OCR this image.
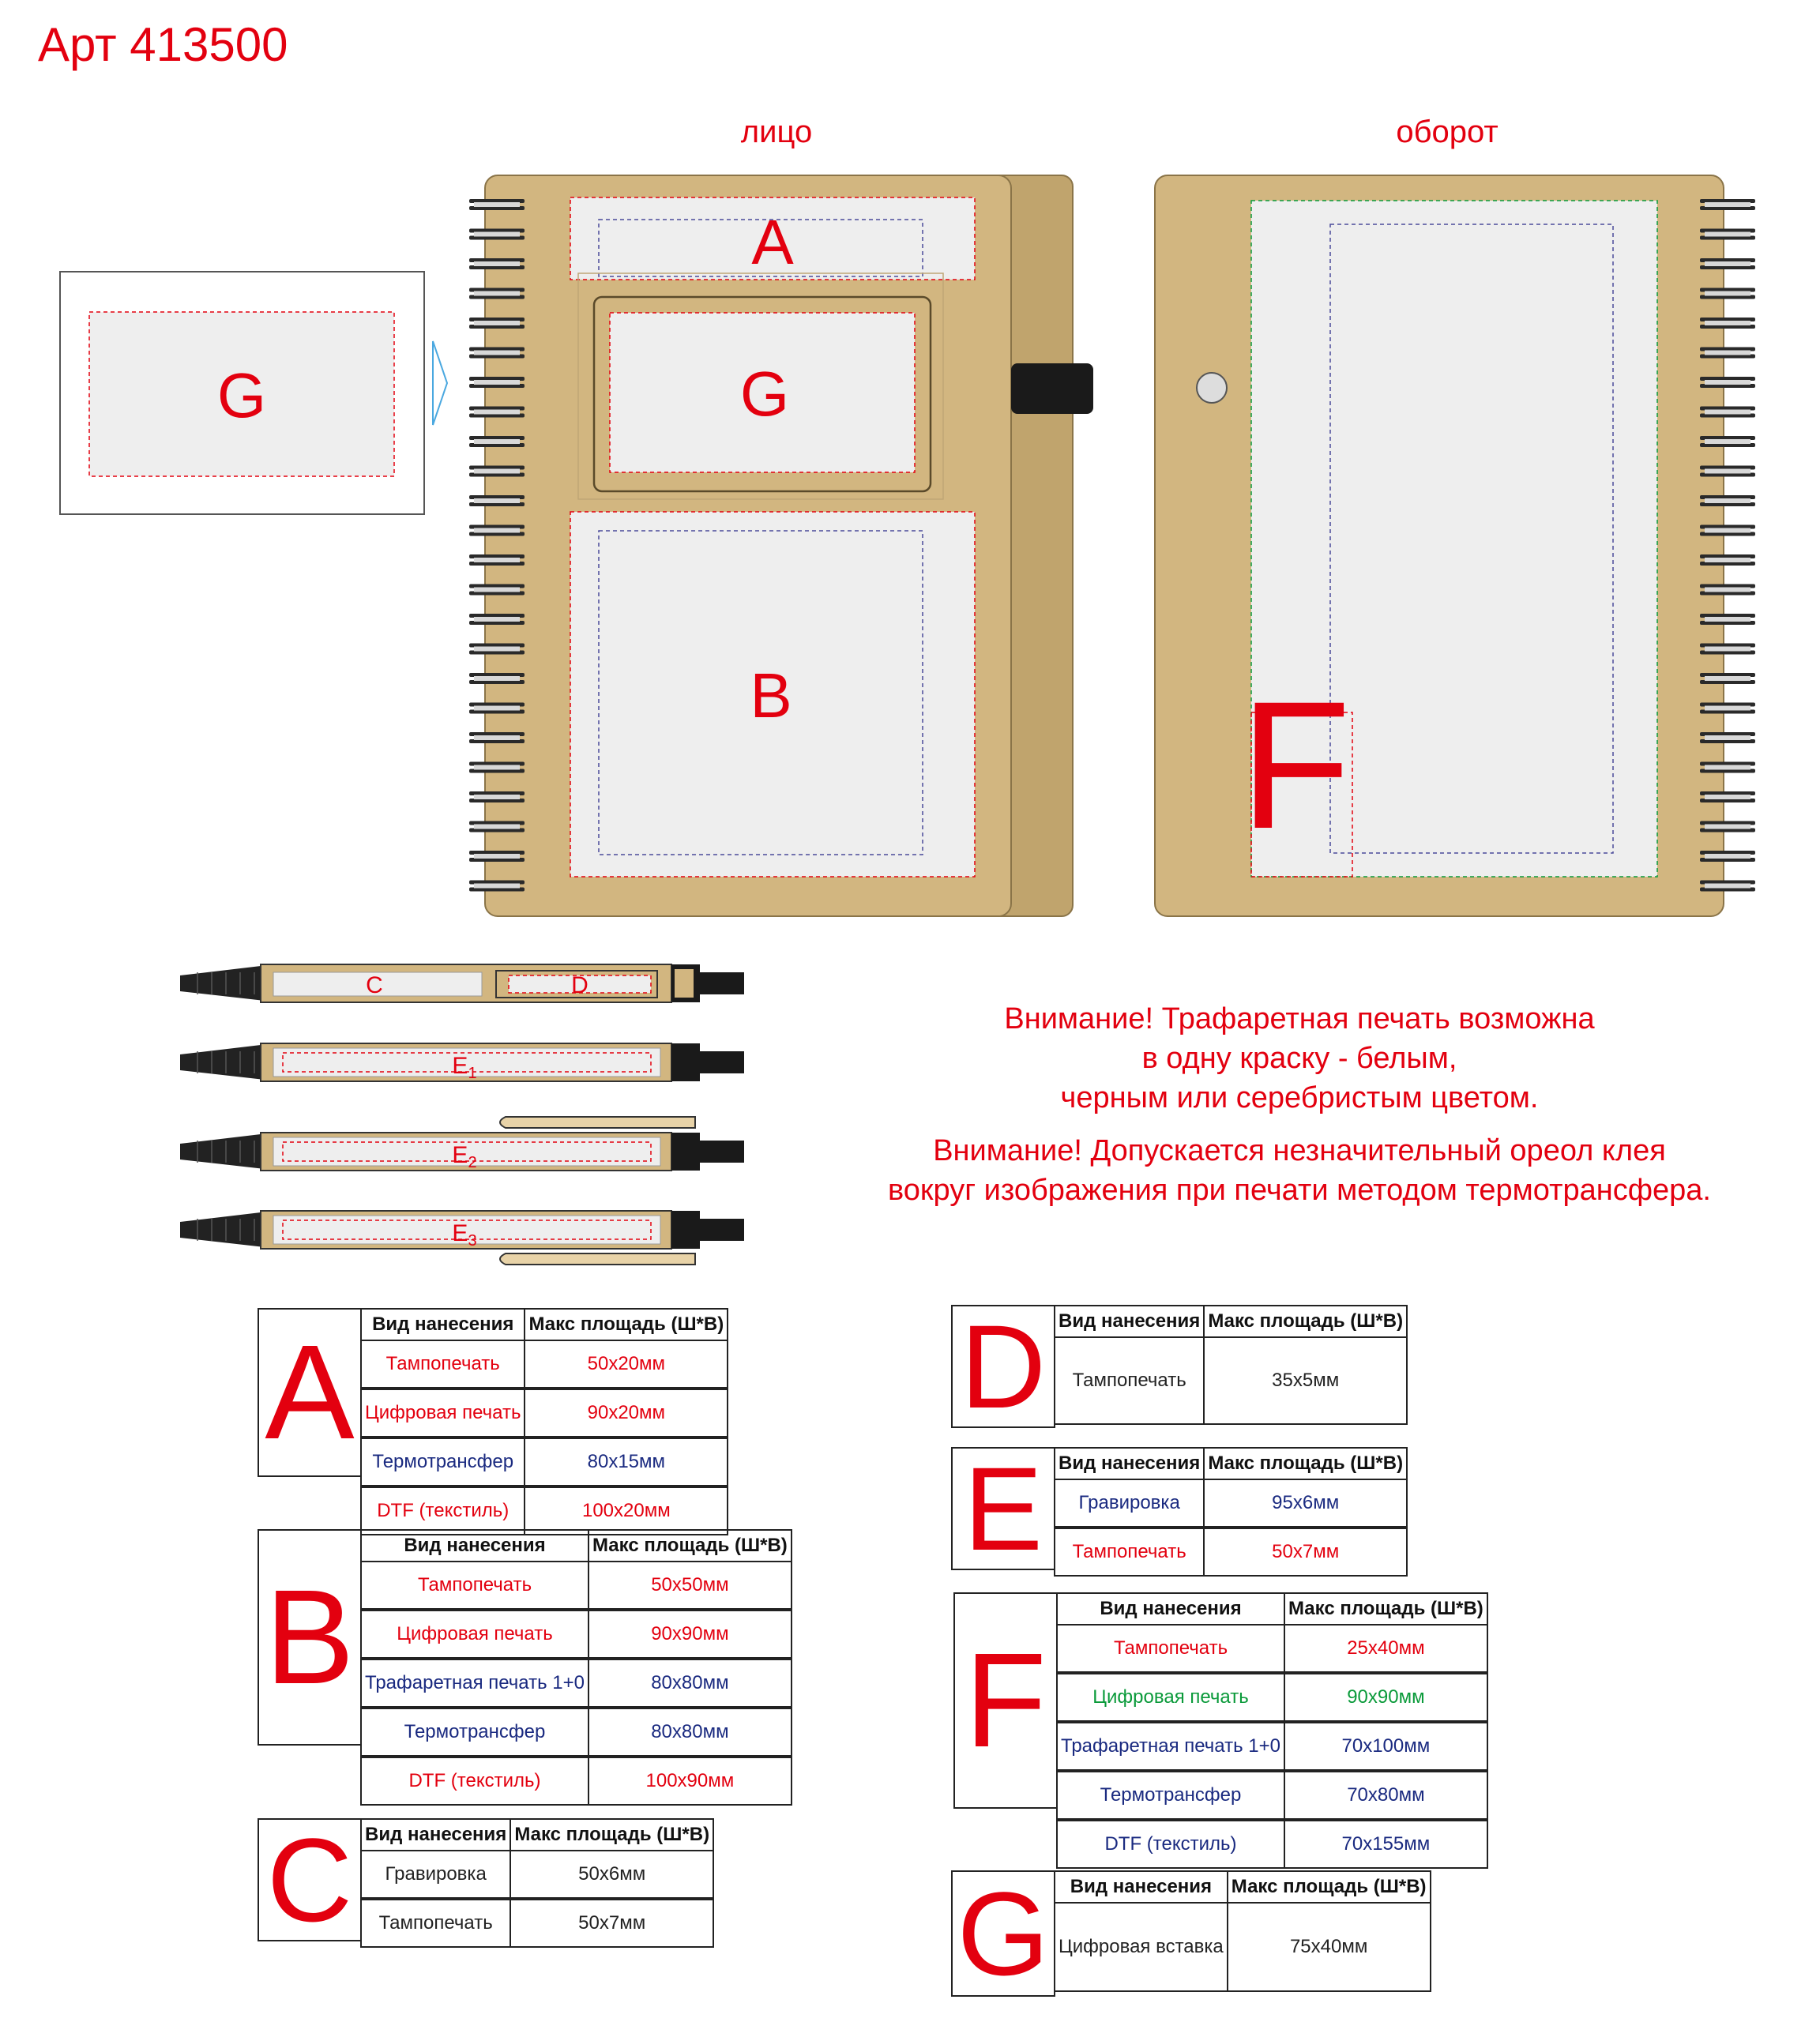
Арт 413500
лицо	оборот
G
A
G
B F
C	D
$E_1$
$E_2$
$E_3$
Внимание! Трафаретная печать возможна
в одну краску - белым,
черным или серебристым цветом.
Внимание! Допускается незначительный ореол клея
вокруг изображения при печати методом термотрансфера.
A Вид нанесения	Макс площадь (Ш*В)
Тампопечать	50x20мм
Цифровая печать	90x20мм
Термотрансфер	80x15мм
DTF (текстиль)	100x20мм
B
Вид нанесения	Макс площадь (Ш*В)
Тампопечать	50x50мм
Цифровая печать	90x90мм
Трафаретная печать 1+0	80x80мм
Термотрансфер	80x80мм
DTF (текстиль)	100x90мм
C Вид нанесения	Макс площадь (Ш*В)
Гравировка	50x6мм
Тампопечать	50x7мм
D Вид нанесения	Макс площадь (Ш*В)
Тампопечать	35x5мм
E Вид нанесения	Макс площадь (Ш*В)
Гравировка	95x6мм
Тампопечать	50x7мм
F
Вид нанесения	Макс площадь (Ш*В)
Тампопечать	25x40мм
Цифровая печать	90x90мм
Трафаретная печать 1+0	70x100мм
Термотрансфер	70x80мм
DTF (текстиль)	70x155мм
G Вид нанесения	Макс площадь (Ш*В)
Цифровая вставка	75x40мм
